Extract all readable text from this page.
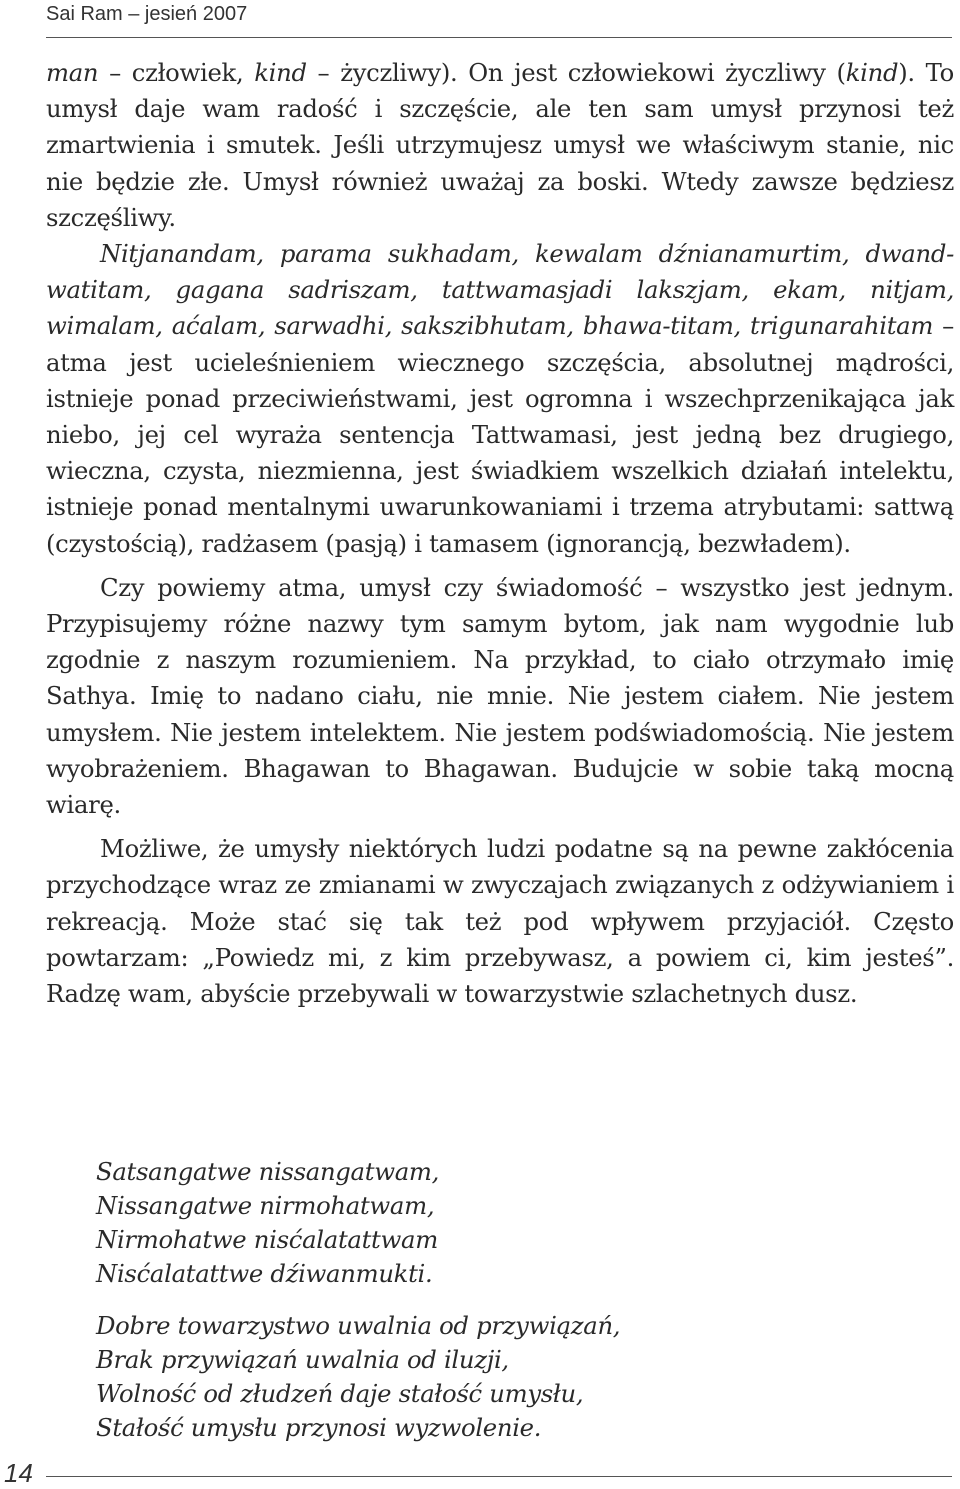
Sai Ram – jesień 2007

man – człowiek, kind – życzliwy). On jest człowiekowi życzliwy (kind). To umysł daje wam radość i szczęście, ale ten sam umysł przynosi też zmartwienia i smutek. Jeśli utrzymujesz umysł we właściwym stanie, nic nie będzie złe. Umysł również uważaj za boski. Wtedy zawsze będziesz szczęśliwy.

Nitjanandam, parama sukhadam, kewalam dźnianamurtim, dwand-watitam, gagana sadriszam, tattwamasjadi lakszjam, ekam, nitjam, wimalam, aćalam, sarwadhi, sakszibhutam, bhawa-titam, trigunarahitam – atma jest ucieleśnieniem wiecznego szczęścia, absolutnej mądrości, istnieje ponad przeciwieństwami, jest ogromna i wszechprzenikająca jak niebo, jej cel wyraża sentencja Tattwamasi, jest jedną bez drugiego, wieczna, czysta, niezmienna, jest świadkiem wszelkich działań intelektu, istnieje ponad mentalnymi uwarunkowaniami i trzema atrybutami: sattwą (czystością), radżasem (pasją) i tamasem (ignorancją, bezwładem).

Czy powiemy atma, umysł czy świadomość – wszystko jest jednym. Przypisujemy różne nazwy tym samym bytom, jak nam wygodnie lub zgodnie z naszym rozumieniem. Na przykład, to ciało otrzymało imię Sathya. Imię to nadano ciału, nie mnie. Nie jestem ciałem. Nie jestem umysłem. Nie jestem intelektem. Nie jestem podświadomością. Nie jestem wyobrażeniem. Bhagawan to Bhagawan. Budujcie w sobie taką mocną wiarę.

Możliwe, że umysły niektórych ludzi podatne są na pewne zakłócenia przychodzące wraz ze zmianami w zwyczajach związanych z odżywianiem i rekreacją. Może stać się tak też pod wpływem przyjaciół. Często powtarzam: „Powiedz mi, z kim przebywasz, a powiem ci, kim jesteś”. Radzę wam, abyście przebywali w towarzystwie szlachetnych dusz.

Satsangatwe nissangatwam,
Nissangatwe nirmohatwam,
Nirmohatwe nisćalatattwam
Nisćalatattwe dźiwanmukti.
Dobre towarzystwo uwalnia od przywiązań,
Brak przywiązań uwalnia od iluzji,
Wolność od złudzeń daje stałość umysłu,
Stałość umysłu przynosi wyzwolenie.
14
